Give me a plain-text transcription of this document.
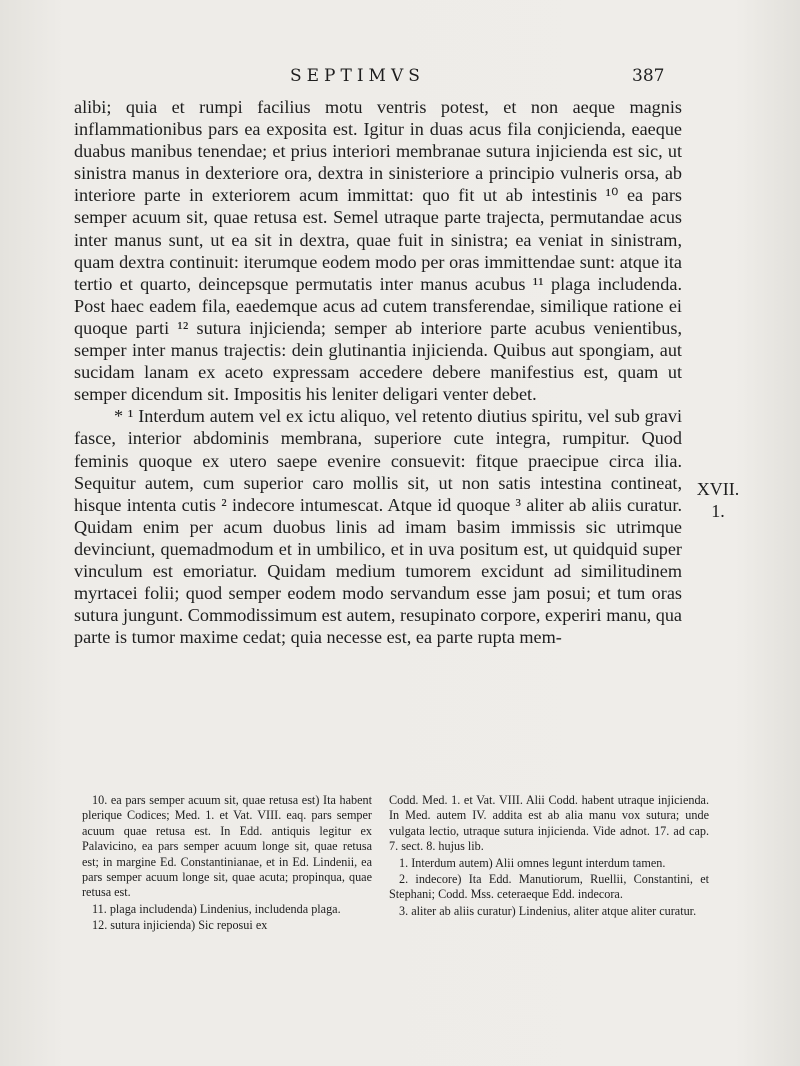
SEPTIMVS	387

alibi; quia et rumpi facilius motu ventris potest, et non aeque magnis inflammationibus pars ea exposita est. Igitur in duas acus fila conjicienda, eaeque duabus manibus tenendae; et prius interiori membranae sutura injicienda est sic, ut sinistra manus in dexteriore ora, dextra in sinisteriore a principio vulneris orsa, ab interiore parte in exteriorem acum immittat: quo fit ut ab intestinis ¹⁰ ea pars semper acuum sit, quae retusa est. Semel utraque parte trajecta, permutandae acus inter manus sunt, ut ea sit in dextra, quae fuit in sinistra; ea veniat in sinistram, quam dextra continuit: iterumque eodem modo per oras immittendae sunt: atque ita tertio et quarto, deincepsque permutatis inter manus acubus ¹¹ plaga includenda. Post haec eadem fila, eaedemque acus ad cutem transferendae, similique ratione ei quoque parti ¹² sutura injicienda; semper ab interiore parte acubus venientibus, semper inter manus trajectis: dein glutinantia injicienda. Quibus aut spongiam, aut sucidam lanam ex aceto expressam accedere debere manifestius est, quam ut semper dicendum sit. Impositis his leniter deligari venter debet.

* ¹ Interdum autem vel ex ictu aliquo, vel retento diutius spiritu, vel sub gravi fasce, interior abdominis membrana, superiore cute integra, rumpitur. Quod feminis quoque ex utero saepe evenire consuevit: fitque praecipue circa ilia. Sequitur autem, cum superior caro mollis sit, ut non satis intestina contineat, hisque intenta cutis ² indecore intumescat. Atque id quoque ³ aliter ab aliis curatur. Quidam enim per acum duobus linis ad imam basim immissis sic utrimque devinciunt, quemadmodum et in umbilico, et in uva positum est, ut quidquid super vinculum est emoriatur. Quidam medium tumorem excidunt ad similitudinem myrtacei folii; quod semper eodem modo servandum esse jam posui; et tum oras sutura jungunt. Commodissimum est autem, resupinato corpore, experiri manu, qua parte is tumor maxime cedat; quia necesse est, ea parte rupta mem-

XVII.
1.

10. ea pars semper acuum sit, quae retusa est) Ita habent plerique Codices; Med. 1. et Vat. VIII. eaq. pars semper acuum quae retusa est. In Edd. antiquis legitur ex Palavicino, ea pars semper acuum longe sit, quae retusa est; in margine Ed. Constantinianae, et in Ed. Lindenii, ea pars semper acuum longe sit, quae acuta; propinqua, quae retusa est.

11. plaga includenda) Lindenius, includenda plaga.

12. sutura injicienda) Sic reposui ex

Codd. Med. 1. et Vat. VIII. Alii Codd. habent utraque injicienda. In Med. autem IV. addita est ab alia manu vox sutura; unde vulgata lectio, utraque sutura injicienda. Vide adnot. 17. ad cap. 7. sect. 8. hujus lib.

1. Interdum autem) Alii omnes legunt interdum tamen.

2. indecore) Ita Edd. Manutiorum, Ruellii, Constantini, et Stephani; Codd. Mss. ceteraeque Edd. indecora.

3. aliter ab aliis curatur) Lindenius, aliter atque aliter curatur.
